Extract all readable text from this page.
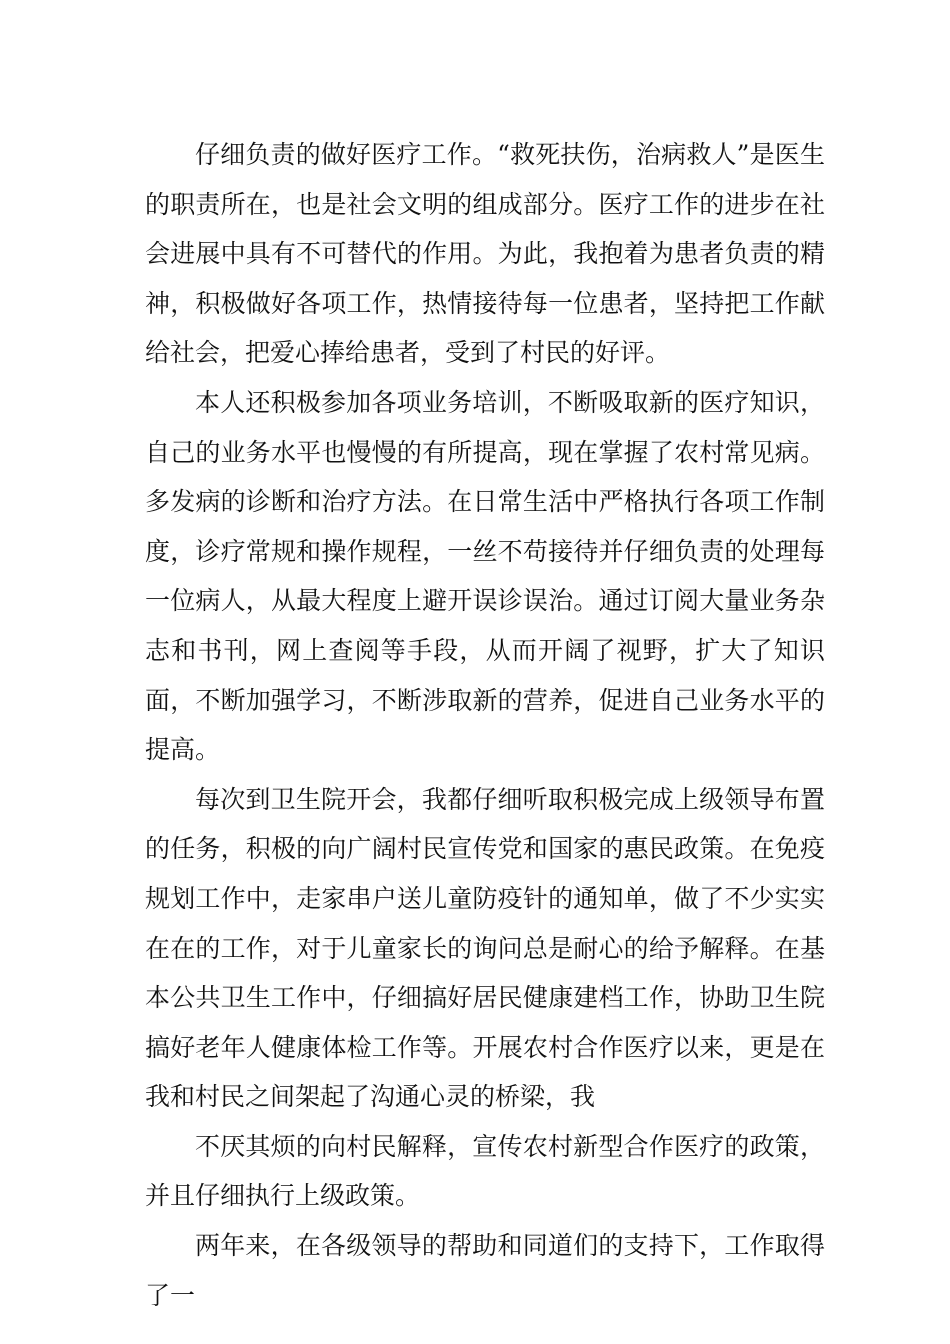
仔细负责的做好医疗工作。“救死扶伤，治病救人”是医生的职责所在，也是社会文明的组成部分。医疗工作的进步在社会进展中具有不可替代的作用。为此，我抱着为患者负责的精神，积极做好各项工作，热情接待每一位患者，坚持把工作献给社会，把爱心捧给患者，受到了村民的好评。

本人还积极参加各项业务培训，不断吸取新的医疗知识，自己的业务水平也慢慢的有所提高，现在掌握了农村常见病。多发病的诊断和治疗方法。在日常生活中严格执行各项工作制度，诊疗常规和操作规程，一丝不苟接待并仔细负责的处理每一位病人，从最大程度上避开误诊误治。通过订阅大量业务杂志和书刊，网上查阅等手段，从而开阔了视野，扩大了知识面，不断加强学习，不断涉取新的营养，促进自己业务水平的提高。

每次到卫生院开会，我都仔细听取积极完成上级领导布置的任务，积极的向广阔村民宣传党和国家的惠民政策。在免疫规划工作中，走家串户送儿童防疫针的通知单，做了不少实实在在的工作，对于儿童家长的询问总是耐心的给予解释。在基本公共卫生工作中，仔细搞好居民健康建档工作，协助卫生院搞好老年人健康体检工作等。开展农村合作医疗以来，更是在我和村民之间架起了沟通心灵的桥梁，我

不厌其烦的向村民解释，宣传农村新型合作医疗的政策，并且仔细执行上级政策。

两年来，在各级领导的帮助和同道们的支持下，工作取得了一
